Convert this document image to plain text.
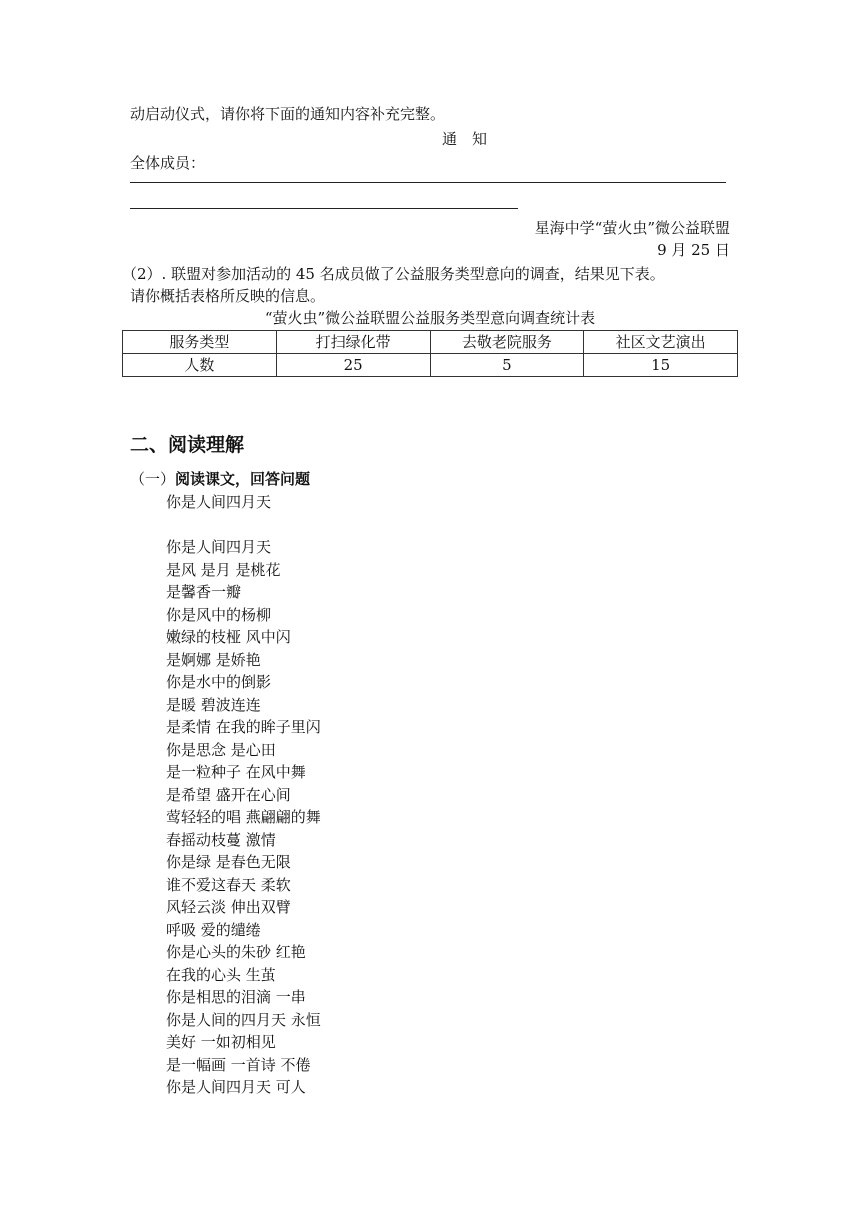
动启动仪式，请你将下面的通知内容补充完整。
通　知
全体成员：
星海中学“萤火虫”微公益联盟
9 月 25 日
（2）. 联盟对参加活动的 45 名成员做了公益服务类型意向的调查，结果见下表。
请你概括表格所反映的信息。
“萤火虫”微公益联盟公益服务类型意向调查统计表
服务类型	打扫绿化带	去敬老院服务	社区文艺演出
人数	25	5	15
二、阅读理解
（一）阅读课文，回答问题
你是人间四月天
你是人间四月天
是风 是月 是桃花
是馨香一瓣
你是风中的杨柳
嫩绿的枝桠 风中闪
是婀娜 是娇艳
你是水中的倒影
是暖 碧波连连
是柔情 在我的眸子里闪
你是思念 是心田
是一粒种子 在风中舞
是希望 盛开在心间
莺轻轻的唱 燕翩翩的舞
春摇动枝蔓 激情
你是绿 是春色无限
谁不爱这春天 柔软
风轻云淡 伸出双臂
呼吸 爱的缱绻
你是心头的朱砂 红艳
在我的心头 生茧
你是相思的泪滴 一串
你是人间的四月天 永恒
美好 一如初相见
是一幅画 一首诗 不倦
你是人间四月天 可人
